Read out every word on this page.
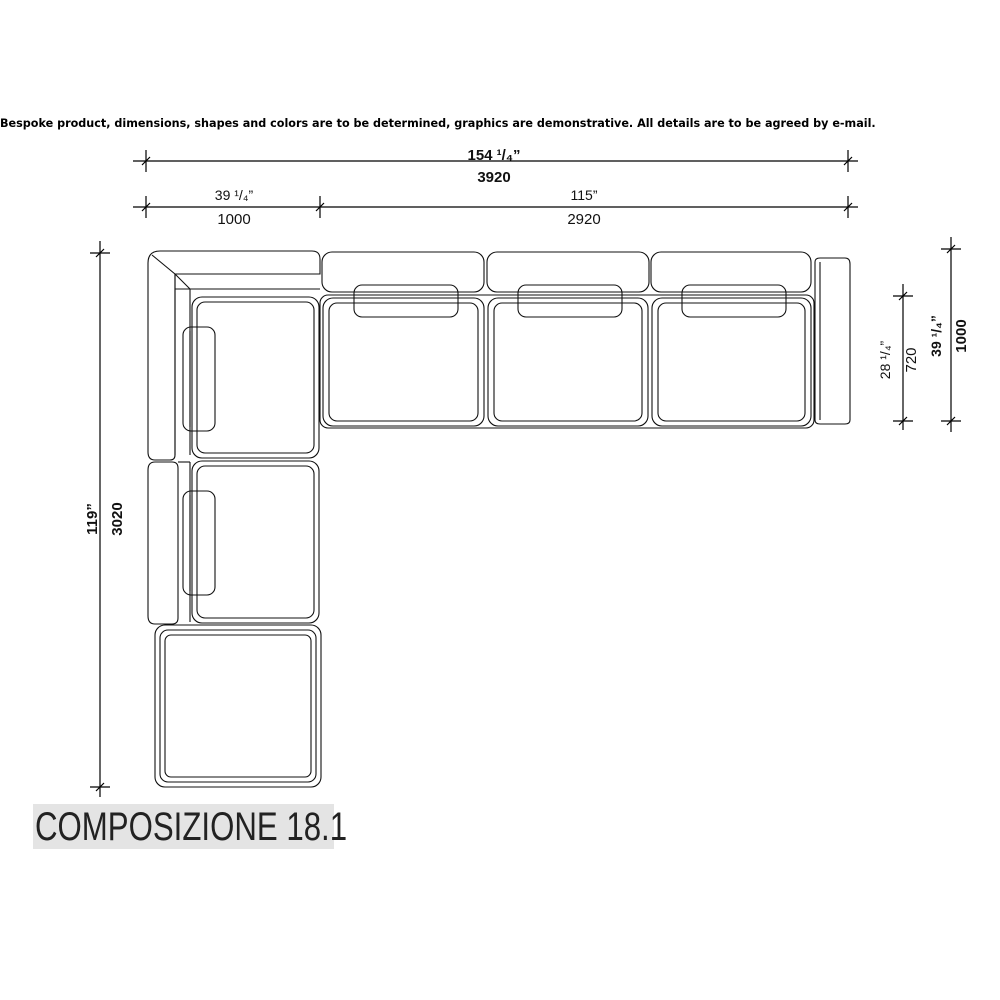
Bespoke product, dimensions, shapes and colors are to be determined, graphics are demonstrative. All details are to be agreed by e-mail.
154 ¹/₄”
3920
39 ¹/₄”
1000
115”
2920
119” 3020
28 ¹/₄” 720
39 ¹/₄” 1000
COMPOSIZIONE 18.1
